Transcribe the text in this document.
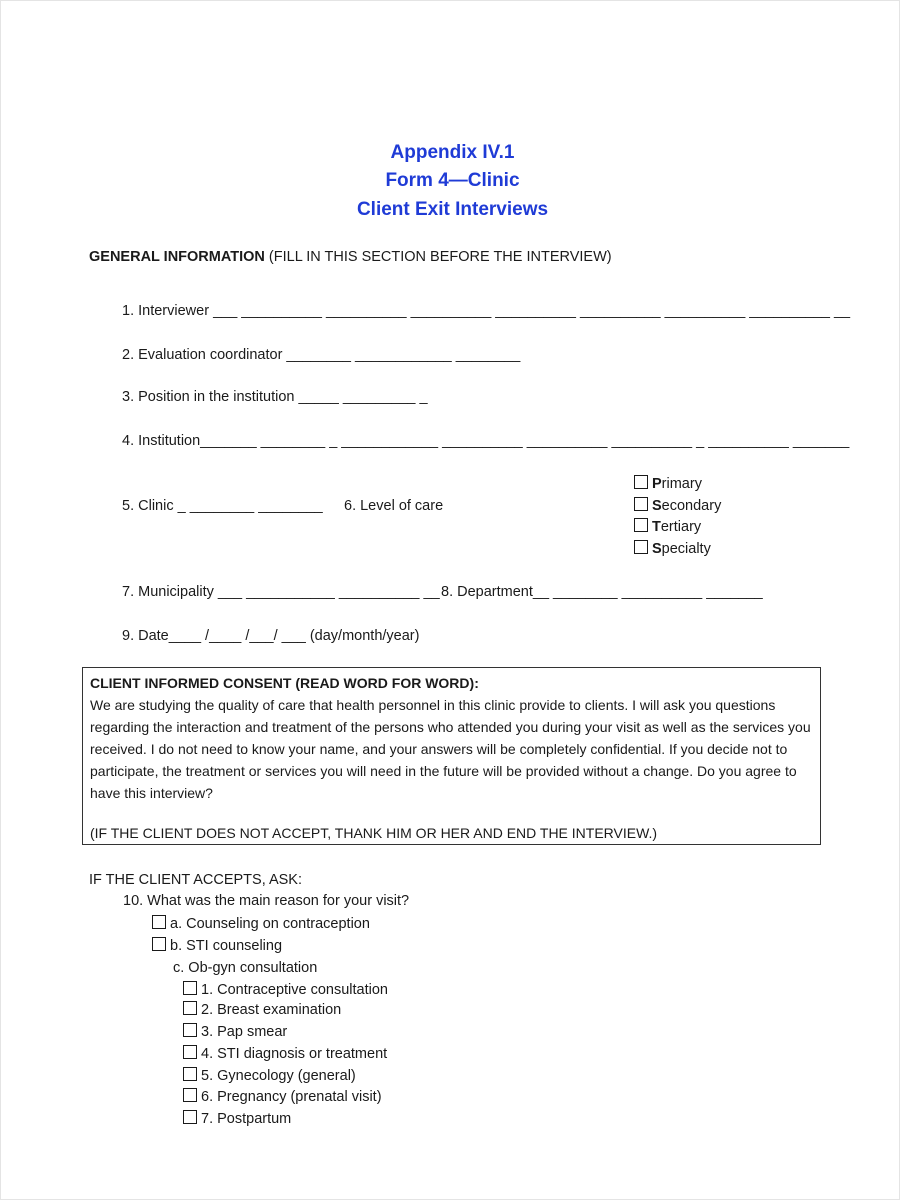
Appendix IV.1
Form 4—Clinic
Client Exit Interviews
GENERAL INFORMATION (FILL IN THIS SECTION BEFORE THE INTERVIEW)
1. Interviewer ___ __________ __________ __________ __________ __________ __________ __________ __
2. Evaluation coordinator ________ ____________ ________
3. Position in the institution _____ _________ _
4. Institution_______ ________ _ ____________ __________ __________ __________ _ __________ _______
5. Clinic _ ________ ________ 6. Level of care
Primary
Secondary
Tertiary
Specialty
7. Municipality ___ ___________ __________ __ 8. Department__ ________ __________ _______
9. Date____ /____ /___/ ___ (day/month/year)

CLIENT INFORMED CONSENT (READ WORD FOR WORD):

We are studying the quality of care that health personnel in this clinic provide to clients. I will ask you questions

regarding the interaction and treatment of the persons who attended you during your visit as well as the services you

received. I do not need to know your name, and your answers will be completely confidential. If you decide not to

participate, the treatment or services you will need in the future will be provided without a change. Do you agree to

have this interview?

(IF THE CLIENT DOES NOT ACCEPT, THANK HIM OR HER AND END THE INTERVIEW.)

IF THE CLIENT ACCEPTS, ASK:
10. What was the main reason for your visit?
a. Counseling on contraception
b. STI counseling
c. Ob-gyn consultation
1. Contraceptive consultation
2. Breast examination
3. Pap smear
4. STI diagnosis or treatment
5. Gynecology (general)
6. Pregnancy (prenatal visit)
7. Postpartum
